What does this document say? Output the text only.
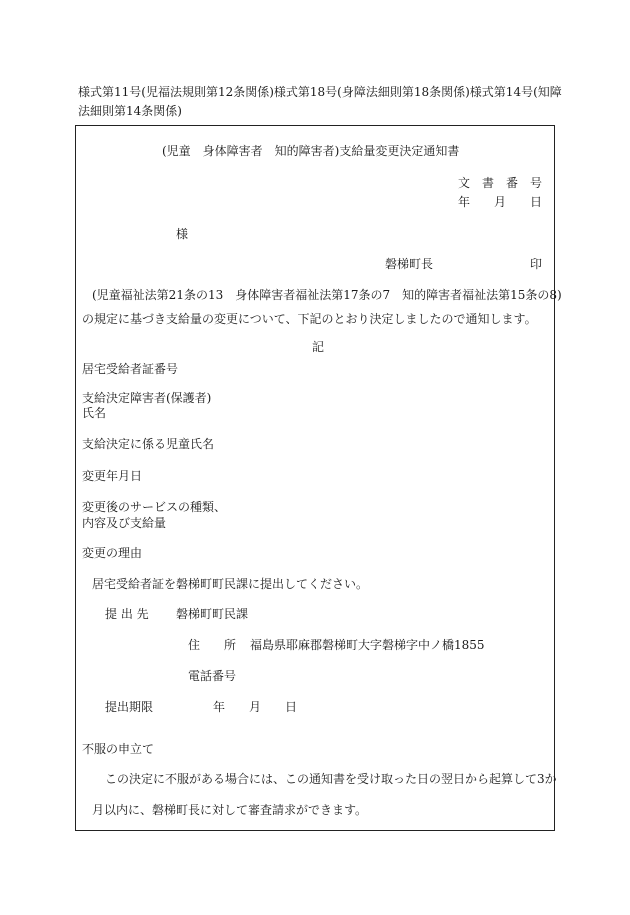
様式第11号(児福法規則第12条関係)様式第18号(身障法細則第18条関係)様式第14号(知障法細則第14条関係)
(児童　身体障害者　知的障害者)支給量変更決定通知書
文　書　番　号
年　　月　　日
様
磐梯町長	印
(児童福祉法第21条の13　身体障害者福祉法第17条の7　知的障害者福祉法第15条の8)
の規定に基づき支給量の変更について、下記のとおり決定しましたので通知します。
記
居宅受給者証番号
支給決定障害者(保護者)
氏名
支給決定に係る児童氏名
変更年月日
変更後のサービスの種類、
内容及び支給量
変更の理由
居宅受給者証を磐梯町町民課に提出してください。
提 出 先 磐梯町町民課
住　　所 福島県耶麻郡磐梯町大字磐梯字中ノ橋1855
電話番号
提出期限	年　　月　　日
不服の申立て
この決定に不服がある場合には、この通知書を受け取った日の翌日から起算して3か
月以内に、磐梯町長に対して審査請求ができます。
